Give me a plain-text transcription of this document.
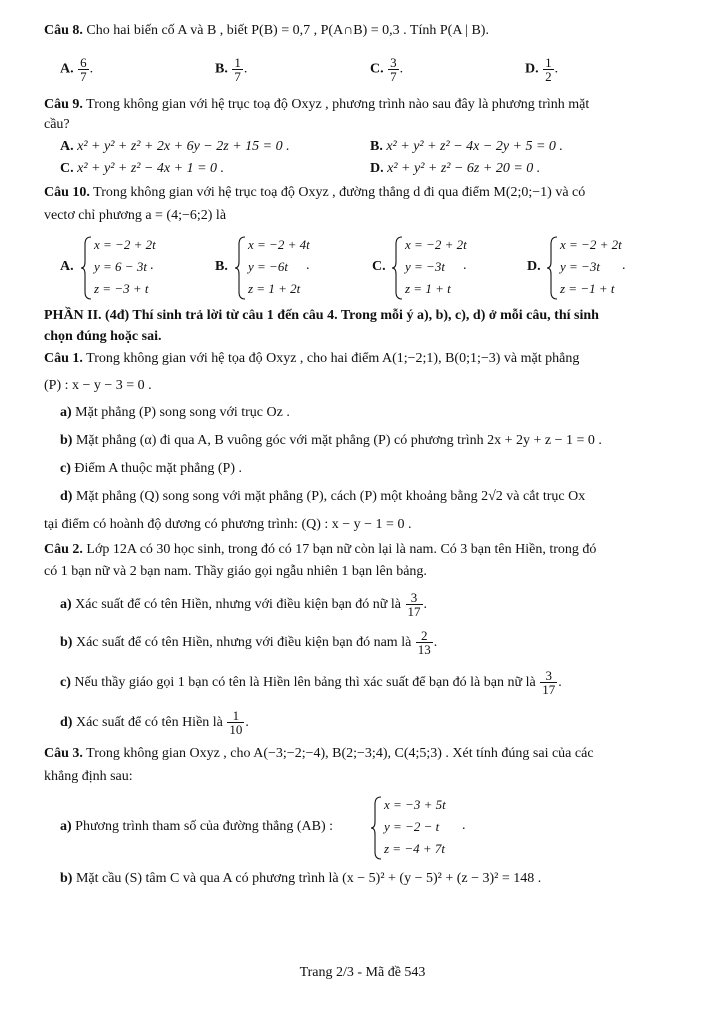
Câu 8. Cho hai biến cố A và B , biết P(B) = 0,7 , P(A∩B) = 0,3 . Tính P(A | B).
A. $\frac{6}{7}$ .	B. $\frac{1}{7}$ .	C. $\frac{3}{7}$ .	D. $\frac{1}{2}$ .
Câu 9. Trong không gian với hệ trục toạ độ Oxyz , phương trình nào sau đây là phương trình mặt
cầu?
A. x² + y² + z² + 2x + 6y − 2z + 15 = 0 .	B. x² + y² + z² − 4x − 2y + 5 = 0 .
C. x² + y² + z² − 4x + 1 = 0 .	D. x² + y² + z² − 6z + 20 = 0 .
Câu 10. Trong không gian với hệ trục toạ độ Oxyz , đường thẳng d đi qua điểm M(2;0;−1) và có
vectơ chỉ phương a = (4;−6;2) là
A.
x = −2 + 2t
y = 6 − 3t
z = −3 + t
.	B.
x = −2 + 4t
y = −6t
z = 1 + 2t
.	C.
x = −2 + 2t
y = −3t
z = 1 + t
.	D.
x = −2 + 2t
y = −3t
z = −1 + t
.
PHẦN II. (4đ) Thí sinh trả lời từ câu 1 đến câu 4. Trong mỗi ý a), b), c), d) ở mỗi câu, thí sinh
chọn đúng hoặc sai.
Câu 1. Trong không gian với hệ tọa độ Oxyz , cho hai điểm A(1;−2;1), B(0;1;−3) và mặt phẳng
(P) : x − y − 3 = 0 .
a) Mặt phẳng (P) song song với trục Oz .
b) Mặt phẳng (α) đi qua A, B vuông góc với mặt phẳng (P) có phương trình 2x + 2y + z − 1 = 0 .
c) Điểm A thuộc mặt phẳng (P) .
d) Mặt phẳng (Q) song song với mặt phẳng (P), cách (P) một khoảng bằng 2√2 và cắt trục Ox
tại điểm có hoành độ dương có phương trình: (Q) : x − y − 1 = 0 .
Câu 2. Lớp 12A có 30 học sinh, trong đó có 17 bạn nữ còn lại là nam. Có 3 bạn tên Hiền, trong đó
có 1 bạn nữ và 2 bạn nam. Thầy giáo gọi ngẫu nhiên 1 bạn lên bảng.
a) Xác suất để có tên Hiền, nhưng với điều kiện bạn đó nữ là $\frac{3}{17}$ .
b) Xác suất để có tên Hiền, nhưng với điều kiện bạn đó nam là $\frac{2}{13}$ .
c) Nếu thầy giáo gọi 1 bạn có tên là Hiền lên bảng thì xác suất để bạn đó là bạn nữ là $\frac{3}{17}$ .
d) Xác suất để có tên Hiền là $\frac{1}{10}$ .
Câu 3. Trong không gian Oxyz , cho A(−3;−2;−4), B(2;−3;4), C(4;5;3) . Xét tính đúng sai của các
khẳng định sau:
a) Phương trình tham số của đường thẳng (AB) :
x = −3 + 5t
y = −2 − t
z = −4 + 7t
.
b) Mặt cầu (S) tâm C và qua A có phương trình là (x − 5)² + (y − 5)² + (z − 3)² = 148 .
Trang 2/3 - Mã đề 543
